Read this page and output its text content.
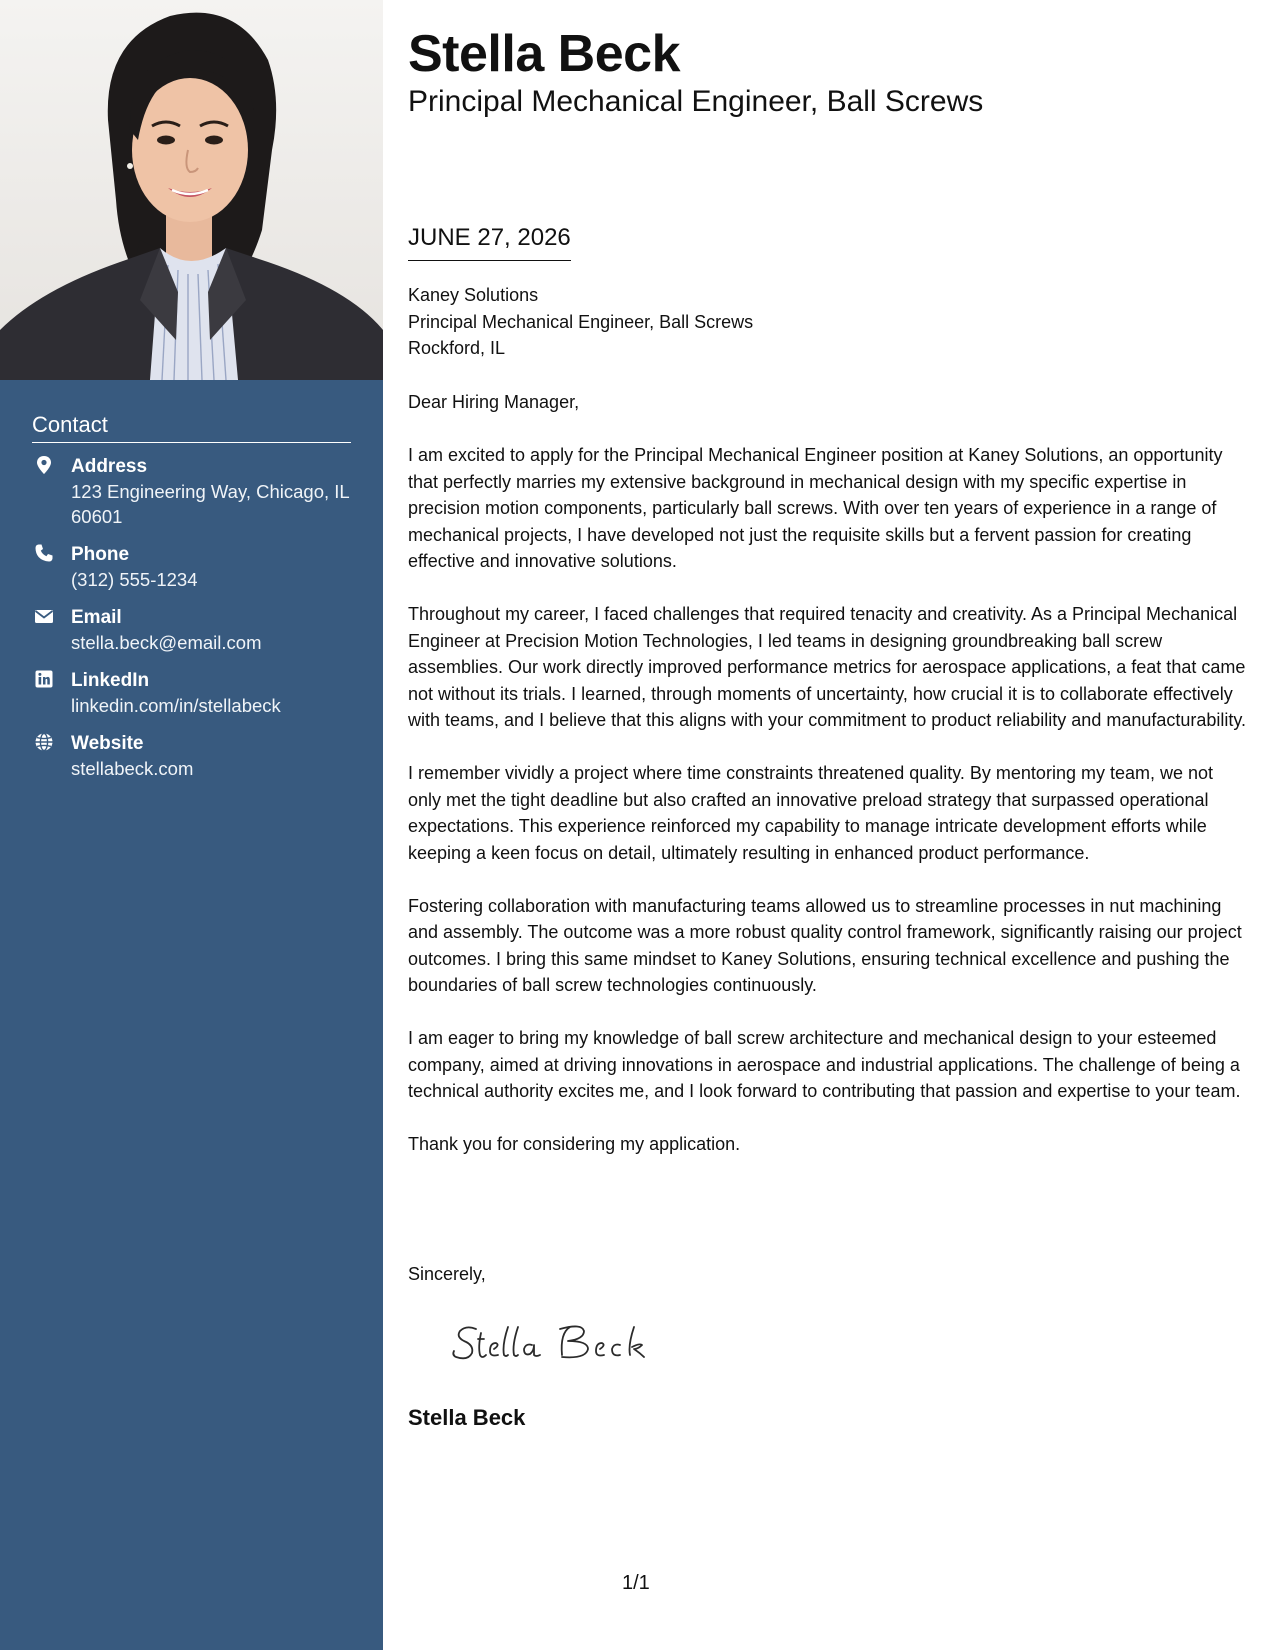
Contact
Address
123 Engineering Way, Chicago, IL 60601
Phone
(312) 555-1234
Email
stella.beck@email.com
LinkedIn
linkedin.com/in/stellabeck
Website
stellabeck.com
Stella Beck
Principal Mechanical Engineer, Ball Screws
JUNE 27, 2026
Kaney Solutions
Principal Mechanical Engineer, Ball Screws
Rockford, IL

Dear Hiring Manager,

I am excited to apply for the Principal Mechanical Engineer position at Kaney Solutions, an opportunity that perfectly marries my extensive background in mechanical design with my specific expertise in precision motion components, particularly ball screws. With over ten years of experience in a range of mechanical projects, I have developed not just the requisite skills but a fervent passion for creating effective and innovative solutions.

Throughout my career, I faced challenges that required tenacity and creativity. As a Principal Mechanical Engineer at Precision Motion Technologies, I led teams in designing groundbreaking ball screw assemblies. Our work directly improved performance metrics for aerospace applications, a feat that came not without its trials. I learned, through moments of uncertainty, how crucial it is to collaborate effectively with teams, and I believe that this aligns with your commitment to product reliability and manufacturability.

I remember vividly a project where time constraints threatened quality. By mentoring my team, we not only met the tight deadline but also crafted an innovative preload strategy that surpassed operational expectations. This experience reinforced my capability to manage intricate development efforts while keeping a keen focus on detail, ultimately resulting in enhanced product performance.

Fostering collaboration with manufacturing teams allowed us to streamline processes in nut machining and assembly. The outcome was a more robust quality control framework, significantly raising our project outcomes. I bring this same mindset to Kaney Solutions, ensuring technical excellence and pushing the boundaries of ball screw technologies continuously.

I am eager to bring my knowledge of ball screw architecture and mechanical design to your esteemed company, aimed at driving innovations in aerospace and industrial applications. The challenge of being a technical authority excites me, and I look forward to contributing that passion and expertise to your team.

Thank you for considering my application.

Sincerely,
Stella Beck
1/1
